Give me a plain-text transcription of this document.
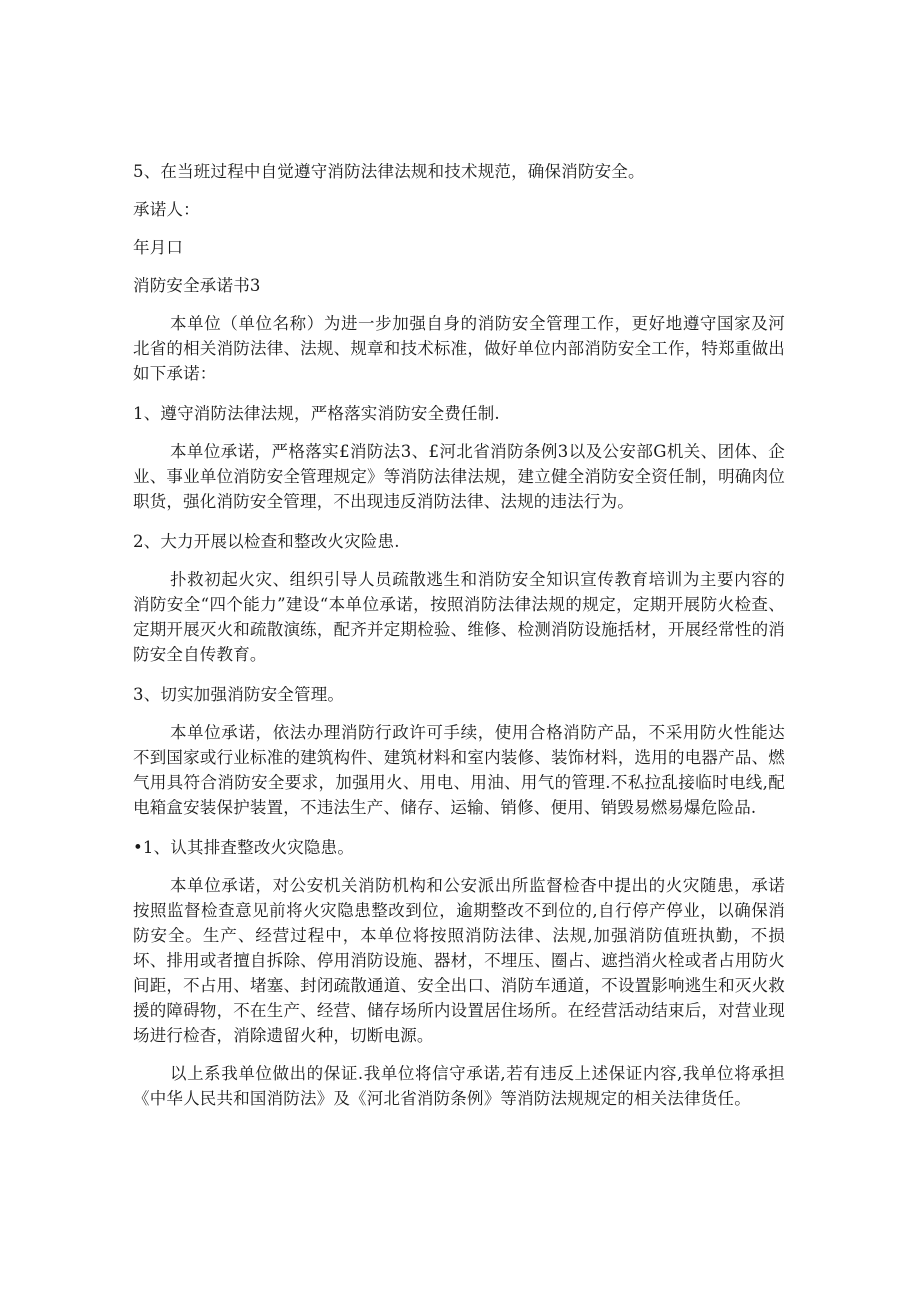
5、在当班过程中自觉遵守消防法律法规和技术规范，确保消防安全。

承诺人：

年月口

消防安全承诺书3

本单位（单位名称）为进一步加强自身的消防安全管理工作，更好地遵守国家及河北省的相关消防法律、法规、规章和技术标准，做好单位内部消防安全工作，特郑重做出如下承诺：

1、遵守消防法律法规，严格落实消防安全费任制.

本单位承诺，严格落实£消防法3、£河北省消防条例3以及公安部G机关、团体、企业、事业单位消防安全管理规定》等消防法律法规，建立健全消防安全资任制，明确肉位职货，强化消防安全管理，不出现违反消防法律、法规的违法行为。

2、大力开展以检查和整改火灾险患.

扑救初起火灾、组织引导人员疏散逃生和消防安全知识宣传教育培训为主要内容的消防安全“四个能力”建设“本单位承诺，按照消防法律法规的规定，定期开展防火检查、定期开展灭火和疏散演练，配齐并定期检验、维修、检测消防设施括材，开展经常性的消防安全自传教育。

3、切实加强消防安全管理。

本单位承诺，依法办理消防行政许可手续，使用合格消防产品，不采用防火性能达不到国家或行业标准的建筑构件、建筑材料和室内装修、装饰材料，选用的电器产品、燃气用具符合消防安全要求，加强用火、用电、用油、用气的管理.不私拉乱接临时电线,配电箱盒安装保护装置，不违法生产、储存、运输、销修、便用、销毁易燃易爆危险品.

•1、认其排査整改火灾隐患。

本单位承诺，对公安机关消防机构和公安派出所监督检杳中提出的火灾随患，承诺按照监督检查意见前将火灾隐患整改到位，逾期整改不到位的,自行停产停业，以确保消防安全。生产、经营过程中，本单位将按照消防法律、法规,加强消防值班执勤，不损坏、排用或者擅自拆除、停用消防设施、器材，不埋压、圈占、遮挡消火栓或者占用防火间距，不占用、堵塞、封闭疏散通道、安全出口、消防车通道，不设置影响逃生和灭火救援的障碍物，不在生产、经营、储存场所内设置居住场所。在经营活动结束后，对营业现场进行检杳，消除遗留火种，切断电源。

以上系我单位做出的保证.我单位将信守承诺,若有违反上述保证内容,我单位将承担《中华人民共和国消防法》及《河北省消防条例》等消防法规规定的相关法律货任。
